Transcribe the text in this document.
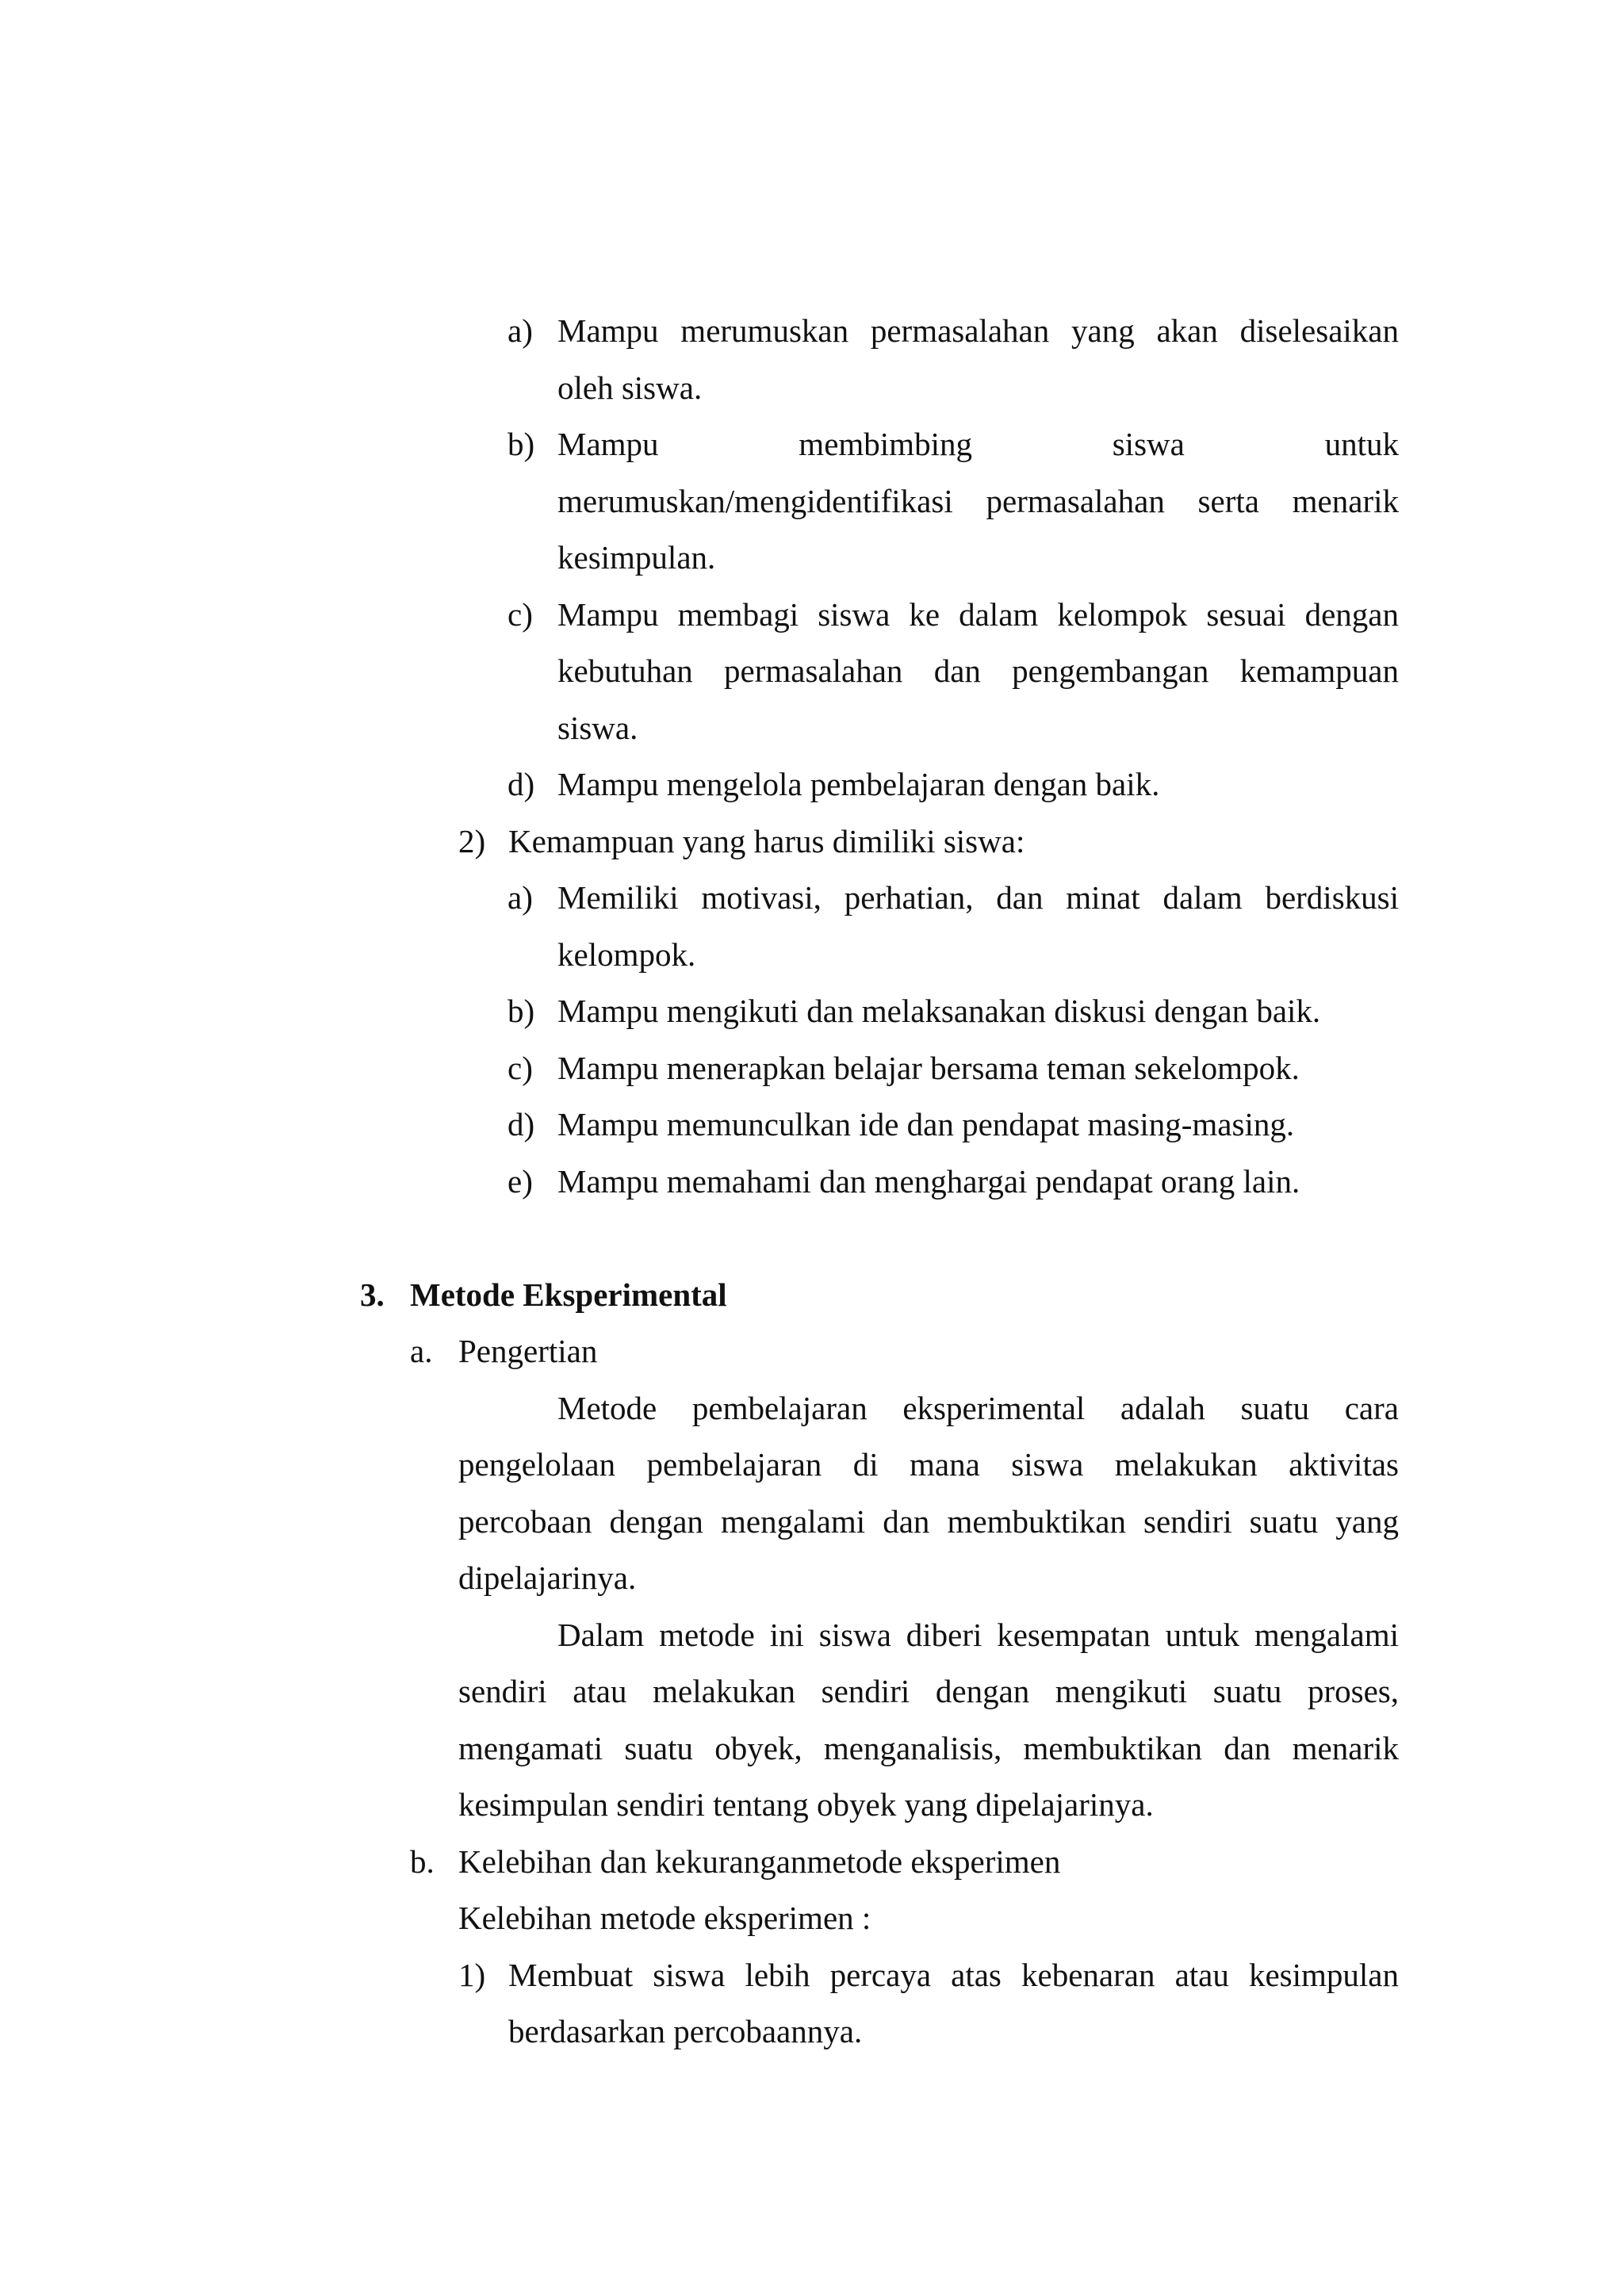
a) Mampu merumuskan permasalahan yang akan diselesaikan
oleh siswa.
b) Mampu membimbing siswa untuk
merumuskan/mengidentifikasi permasalahan serta menarik
kesimpulan.
c) Mampu membagi siswa ke dalam kelompok sesuai dengan
kebutuhan permasalahan dan pengembangan kemampuan
siswa.
d) Mampu mengelola pembelajaran dengan baik.
2) Kemampuan yang harus dimiliki siswa:
a) Memiliki motivasi, perhatian, dan minat dalam berdiskusi
kelompok.
b) Mampu mengikuti dan melaksanakan diskusi dengan baik.
c) Mampu menerapkan belajar bersama teman sekelompok.
d) Mampu memunculkan ide dan pendapat masing-masing.
e) Mampu memahami dan menghargai pendapat orang lain.
3. Metode Eksperimental
a. Pengertian
Metode pembelajaran eksperimental adalah suatu cara
pengelolaan pembelajaran di mana siswa melakukan aktivitas
percobaan dengan mengalami dan membuktikan sendiri suatu yang
dipelajarinya.
Dalam metode ini siswa diberi kesempatan untuk mengalami
sendiri atau melakukan sendiri dengan mengikuti suatu proses,
mengamati suatu obyek, menganalisis, membuktikan dan menarik
kesimpulan sendiri tentang obyek yang dipelajarinya.
b. Kelebihan dan kekuranganmetode eksperimen
Kelebihan metode eksperimen :
1) Membuat siswa lebih percaya atas kebenaran atau kesimpulan
berdasarkan percobaannya.
